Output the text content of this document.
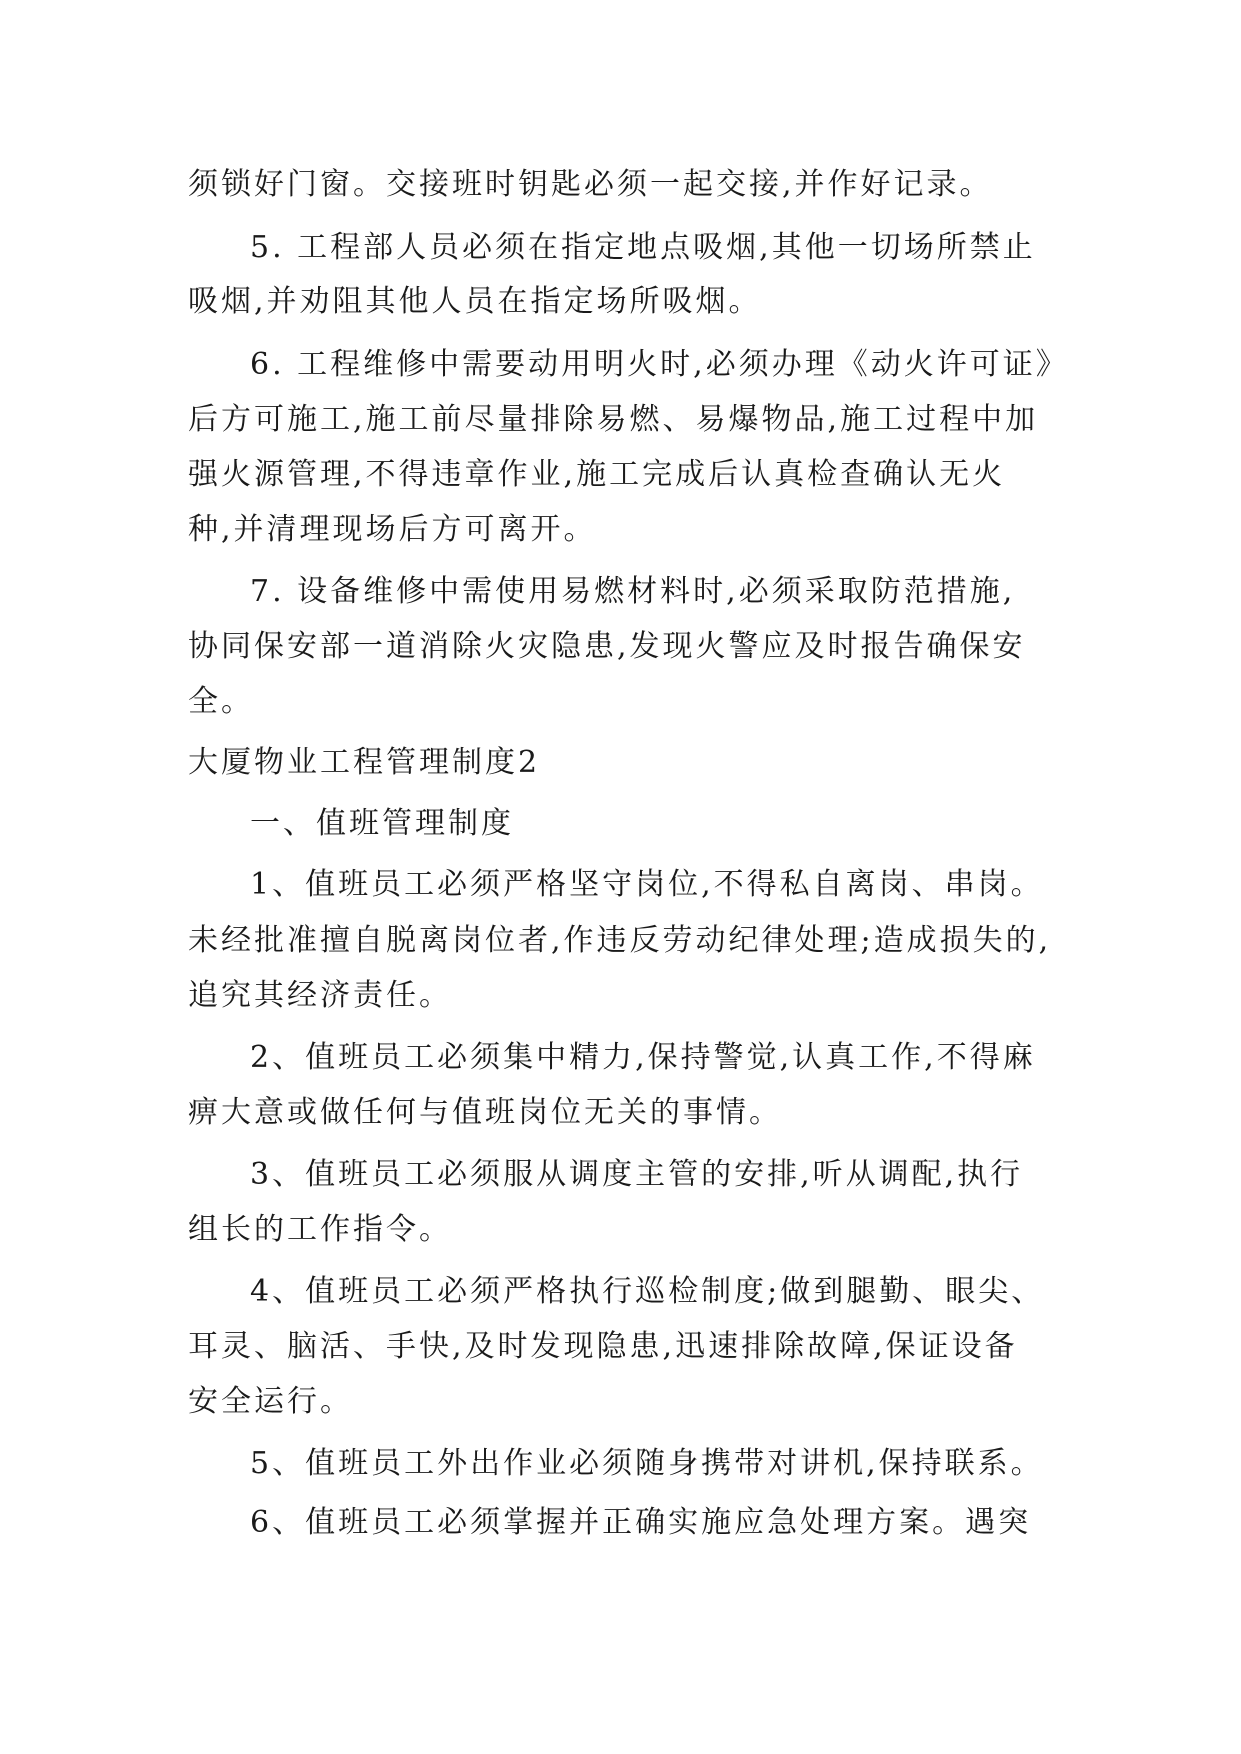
须锁好门窗。交接班时钥匙必须一起交接,并作好记录。
5. 工程部人员必须在指定地点吸烟,其他一切场所禁止
吸烟,并劝阻其他人员在指定场所吸烟。
6. 工程维修中需要动用明火时,必须办理《动火许可证》
后方可施工,施工前尽量排除易燃、易爆物品,施工过程中加
强火源管理,不得违章作业,施工完成后认真检查确认无火
种,并清理现场后方可离开。
7. 设备维修中需使用易燃材料时,必须采取防范措施,
协同保安部一道消除火灾隐患,发现火警应及时报告确保安
全。
大厦物业工程管理制度2
一、值班管理制度
1、值班员工必须严格坚守岗位,不得私自离岗、串岗。
未经批准擅自脱离岗位者,作违反劳动纪律处理;造成损失的,
追究其经济责任。
2、值班员工必须集中精力,保持警觉,认真工作,不得麻
痹大意或做任何与值班岗位无关的事情。
3、值班员工必须服从调度主管的安排,听从调配,执行
组长的工作指令。
4、值班员工必须严格执行巡检制度;做到腿勤、眼尖、
耳灵、脑活、手快,及时发现隐患,迅速排除故障,保证设备
安全运行。
5、值班员工外出作业必须随身携带对讲机,保持联系。
6、值班员工必须掌握并正确实施应急处理方案。遇突
